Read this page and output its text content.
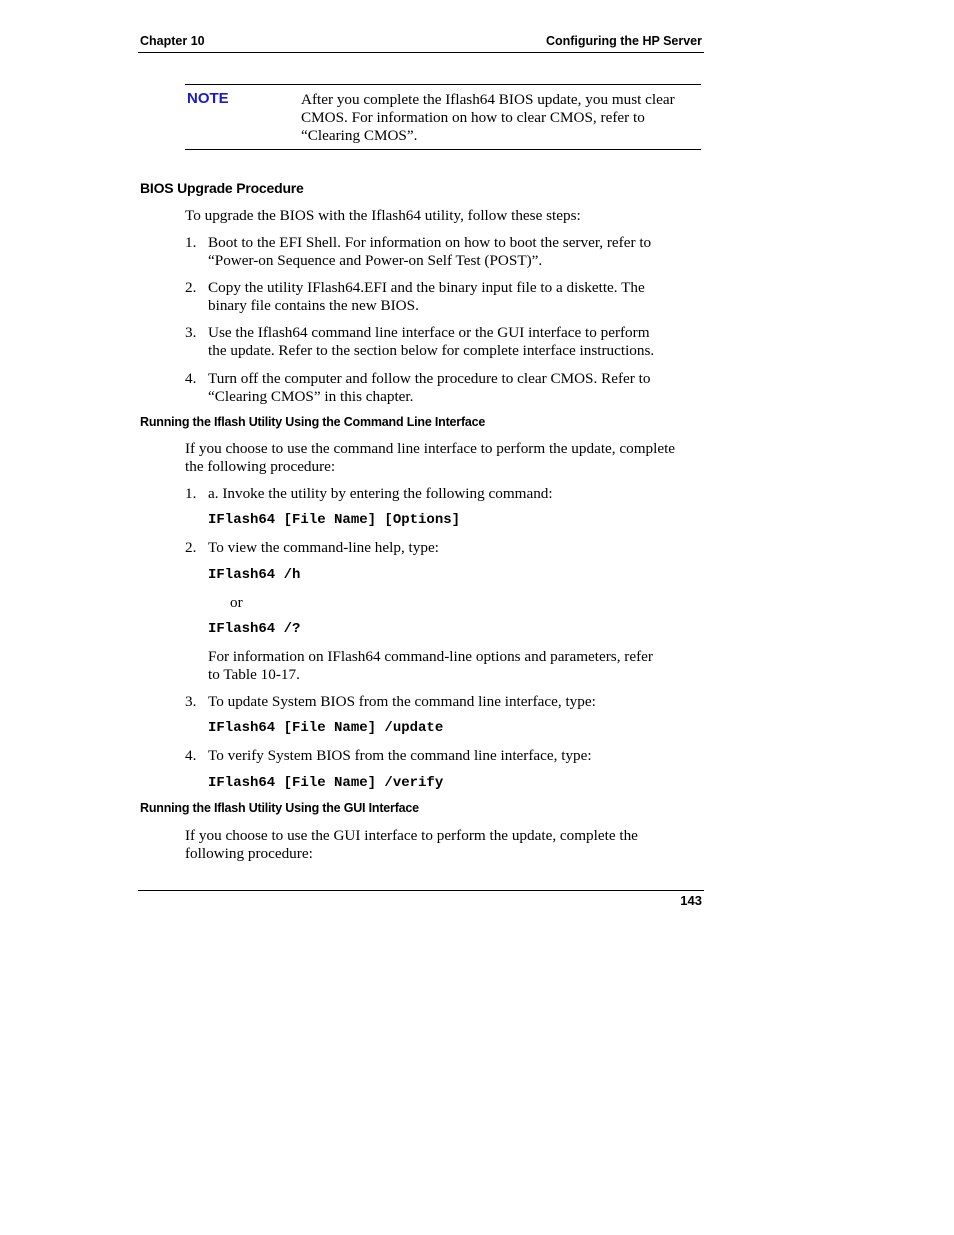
Chapter 10	Configuring the HP Server
NOTE	After you complete the Iflash64 BIOS update, you must clear
CMOS. For information on how to clear CMOS, refer to
“Clearing CMOS”.
BIOS Upgrade Procedure
To upgrade the BIOS with the Iflash64 utility, follow these steps:
1. Boot to the EFI Shell. For information on how to boot the server, refer to
“Power-on Sequence and Power-on Self Test (POST)”.
2. Copy the utility IFlash64.EFI and the binary input file to a diskette. The
binary file contains the new BIOS.
3. Use the Iflash64 command line interface or the GUI interface to perform
the update. Refer to the section below for complete interface instructions.
4. Turn off the computer and follow the procedure to clear CMOS. Refer to
“Clearing CMOS” in this chapter.
Running the Iflash Utility Using the Command Line Interface
If you choose to use the command line interface to perform the update, complete
the following procedure:
1. a. Invoke the utility by entering the following command:
IFlash64 [File Name] [Options]
2. To view the command-line help, type:
IFlash64 /h
or
IFlash64 /?
For information on IFlash64 command-line options and parameters, refer
to Table 10-17.
3. To update System BIOS from the command line interface, type:
IFlash64 [File Name] /update
4. To verify System BIOS from the command line interface, type:
IFlash64 [File Name] /verify
Running the Iflash Utility Using the GUI Interface
If you choose to use the GUI interface to perform the update, complete the
following procedure:
143
